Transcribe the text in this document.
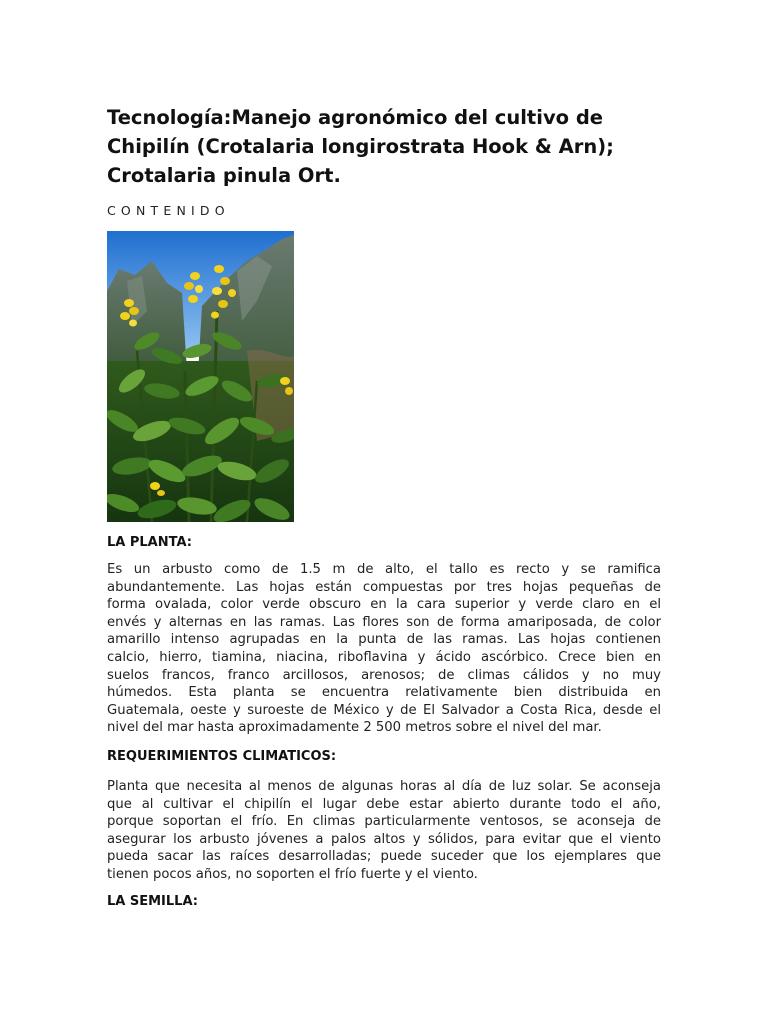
Tecnología:Manejo agronómico del cultivo de
Chipilín (Crotalaria longirostrata Hook & Arn);
Crotalaria pinula Ort.
CONTENIDO
LA PLANTA:
Es un arbusto como de 1.5 m de alto, el tallo es recto y se ramifica
abundantemente. Las hojas están compuestas por tres hojas pequeñas de
forma ovalada, color verde obscuro en la cara superior y verde claro en el
envés y alternas en las ramas. Las flores son de forma amariposada, de color
amarillo intenso agrupadas en la punta de las ramas. Las hojas contienen
calcio, hierro, tiamina, niacina, riboflavina y ácido ascórbico. Crece bien en
suelos francos, franco arcillosos, arenosos; de climas cálidos y no muy
húmedos. Esta planta se encuentra relativamente bien distribuida en
Guatemala, oeste y suroeste de México y de El Salvador a Costa Rica, desde el
nivel del mar hasta aproximadamente 2 500 metros sobre el nivel del mar.
REQUERIMIENTOS CLIMATICOS:
Planta que necesita al menos de algunas horas al día de luz solar. Se aconseja
que al cultivar el chipilín el lugar debe estar abierto durante todo el año,
porque soportan el frío. En climas particularmente ventosos, se aconseja de
asegurar los arbusto jóvenes a palos altos y sólidos, para evitar que el viento
pueda sacar las raíces desarrolladas; puede suceder que los ejemplares que
tienen pocos años, no soporten el frío fuerte y el viento.
LA SEMILLA:
